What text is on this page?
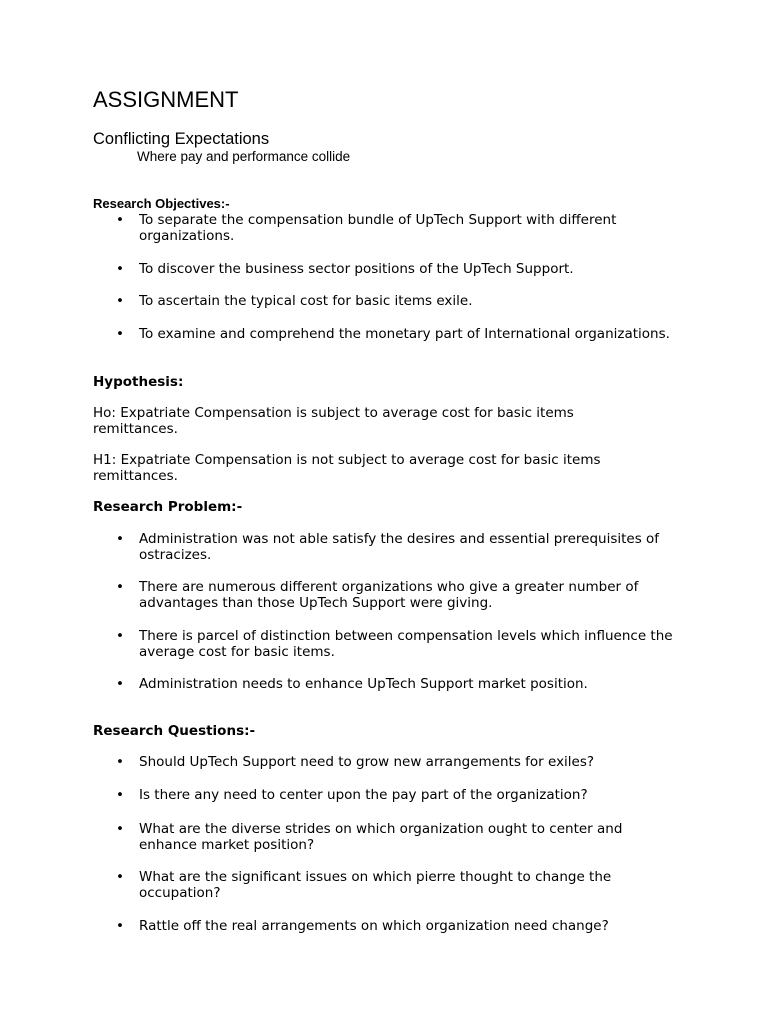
ASSIGNMENT
Conflicting Expectations

Where pay and performance collide

Research Objectives:-
• To separate the compensation bundle of UpTech Support with different organizations.
• To discover the business sector positions of the UpTech Support.
• To ascertain the typical cost for basic items exile.
• To examine and comprehend the monetary part of International organizations.
Hypothesis:

Ho: Expatriate Compensation is subject to average cost for basic items remittances.

H1: Expatriate Compensation is not subject to average cost for basic items remittances.

Research Problem:-
• Administration was not able satisfy the desires and essential prerequisites of ostracizes.
• There are numerous different organizations who give a greater number of advantages than those UpTech Support were giving.
• There is parcel of distinction between compensation levels which influence the average cost for basic items.
• Administration needs to enhance UpTech Support market position.
Research Questions:-
• Should UpTech Support need to grow new arrangements for exiles?
• Is there any need to center upon the pay part of the organization?
• What are the diverse strides on which organization ought to center and enhance market position?
• What are the significant issues on which pierre thought to change the occupation?
• Rattle off the real arrangements on which organization need change?
